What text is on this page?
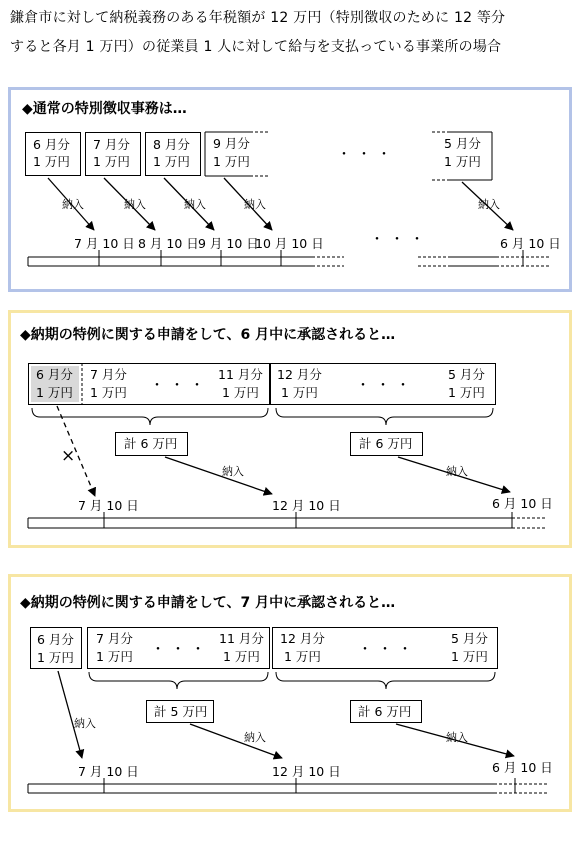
鎌倉市に対して納税義務のある年税額が 12 万円（特別徴収のために 12 等分
すると各月 1 万円）の従業員 1 人に対して給与を支払っている事業所の場合
◆通常の特別徴収事務は…
6 月分
1 万円
7 月分
1 万円
8 月分
1 万円
9 月分
1 万円
5 月分
1 万円
・・・
・・・
納入	納入	納入	納入	納入
7 月 10 日 8 月 10 日 9 月 10 日
10 月 10 日	6 月 10 日
◆納期の特例に関する申請をして、6 月中に承認されると…
6 月分
1 万円
7 月分
1 万円
11 月分
1 万円
・・・
12 月分
1 万円
5 月分
1 万円
・・・
計 6 万円	計 6 万円
×
納入	納入
7 月 10 日	12 月 10 日	6 月 10 日
◆納期の特例に関する申請をして、7 月中に承認されると…
6 月分
1 万円
7 月分
1 万円
11 月分
1 万円
・・・
12 月分
1 万円
5 月分
1 万円
・・・
計 5 万円	計 6 万円
納入
納入	納入
7 月 10 日	12 月 10 日	6 月 10 日
